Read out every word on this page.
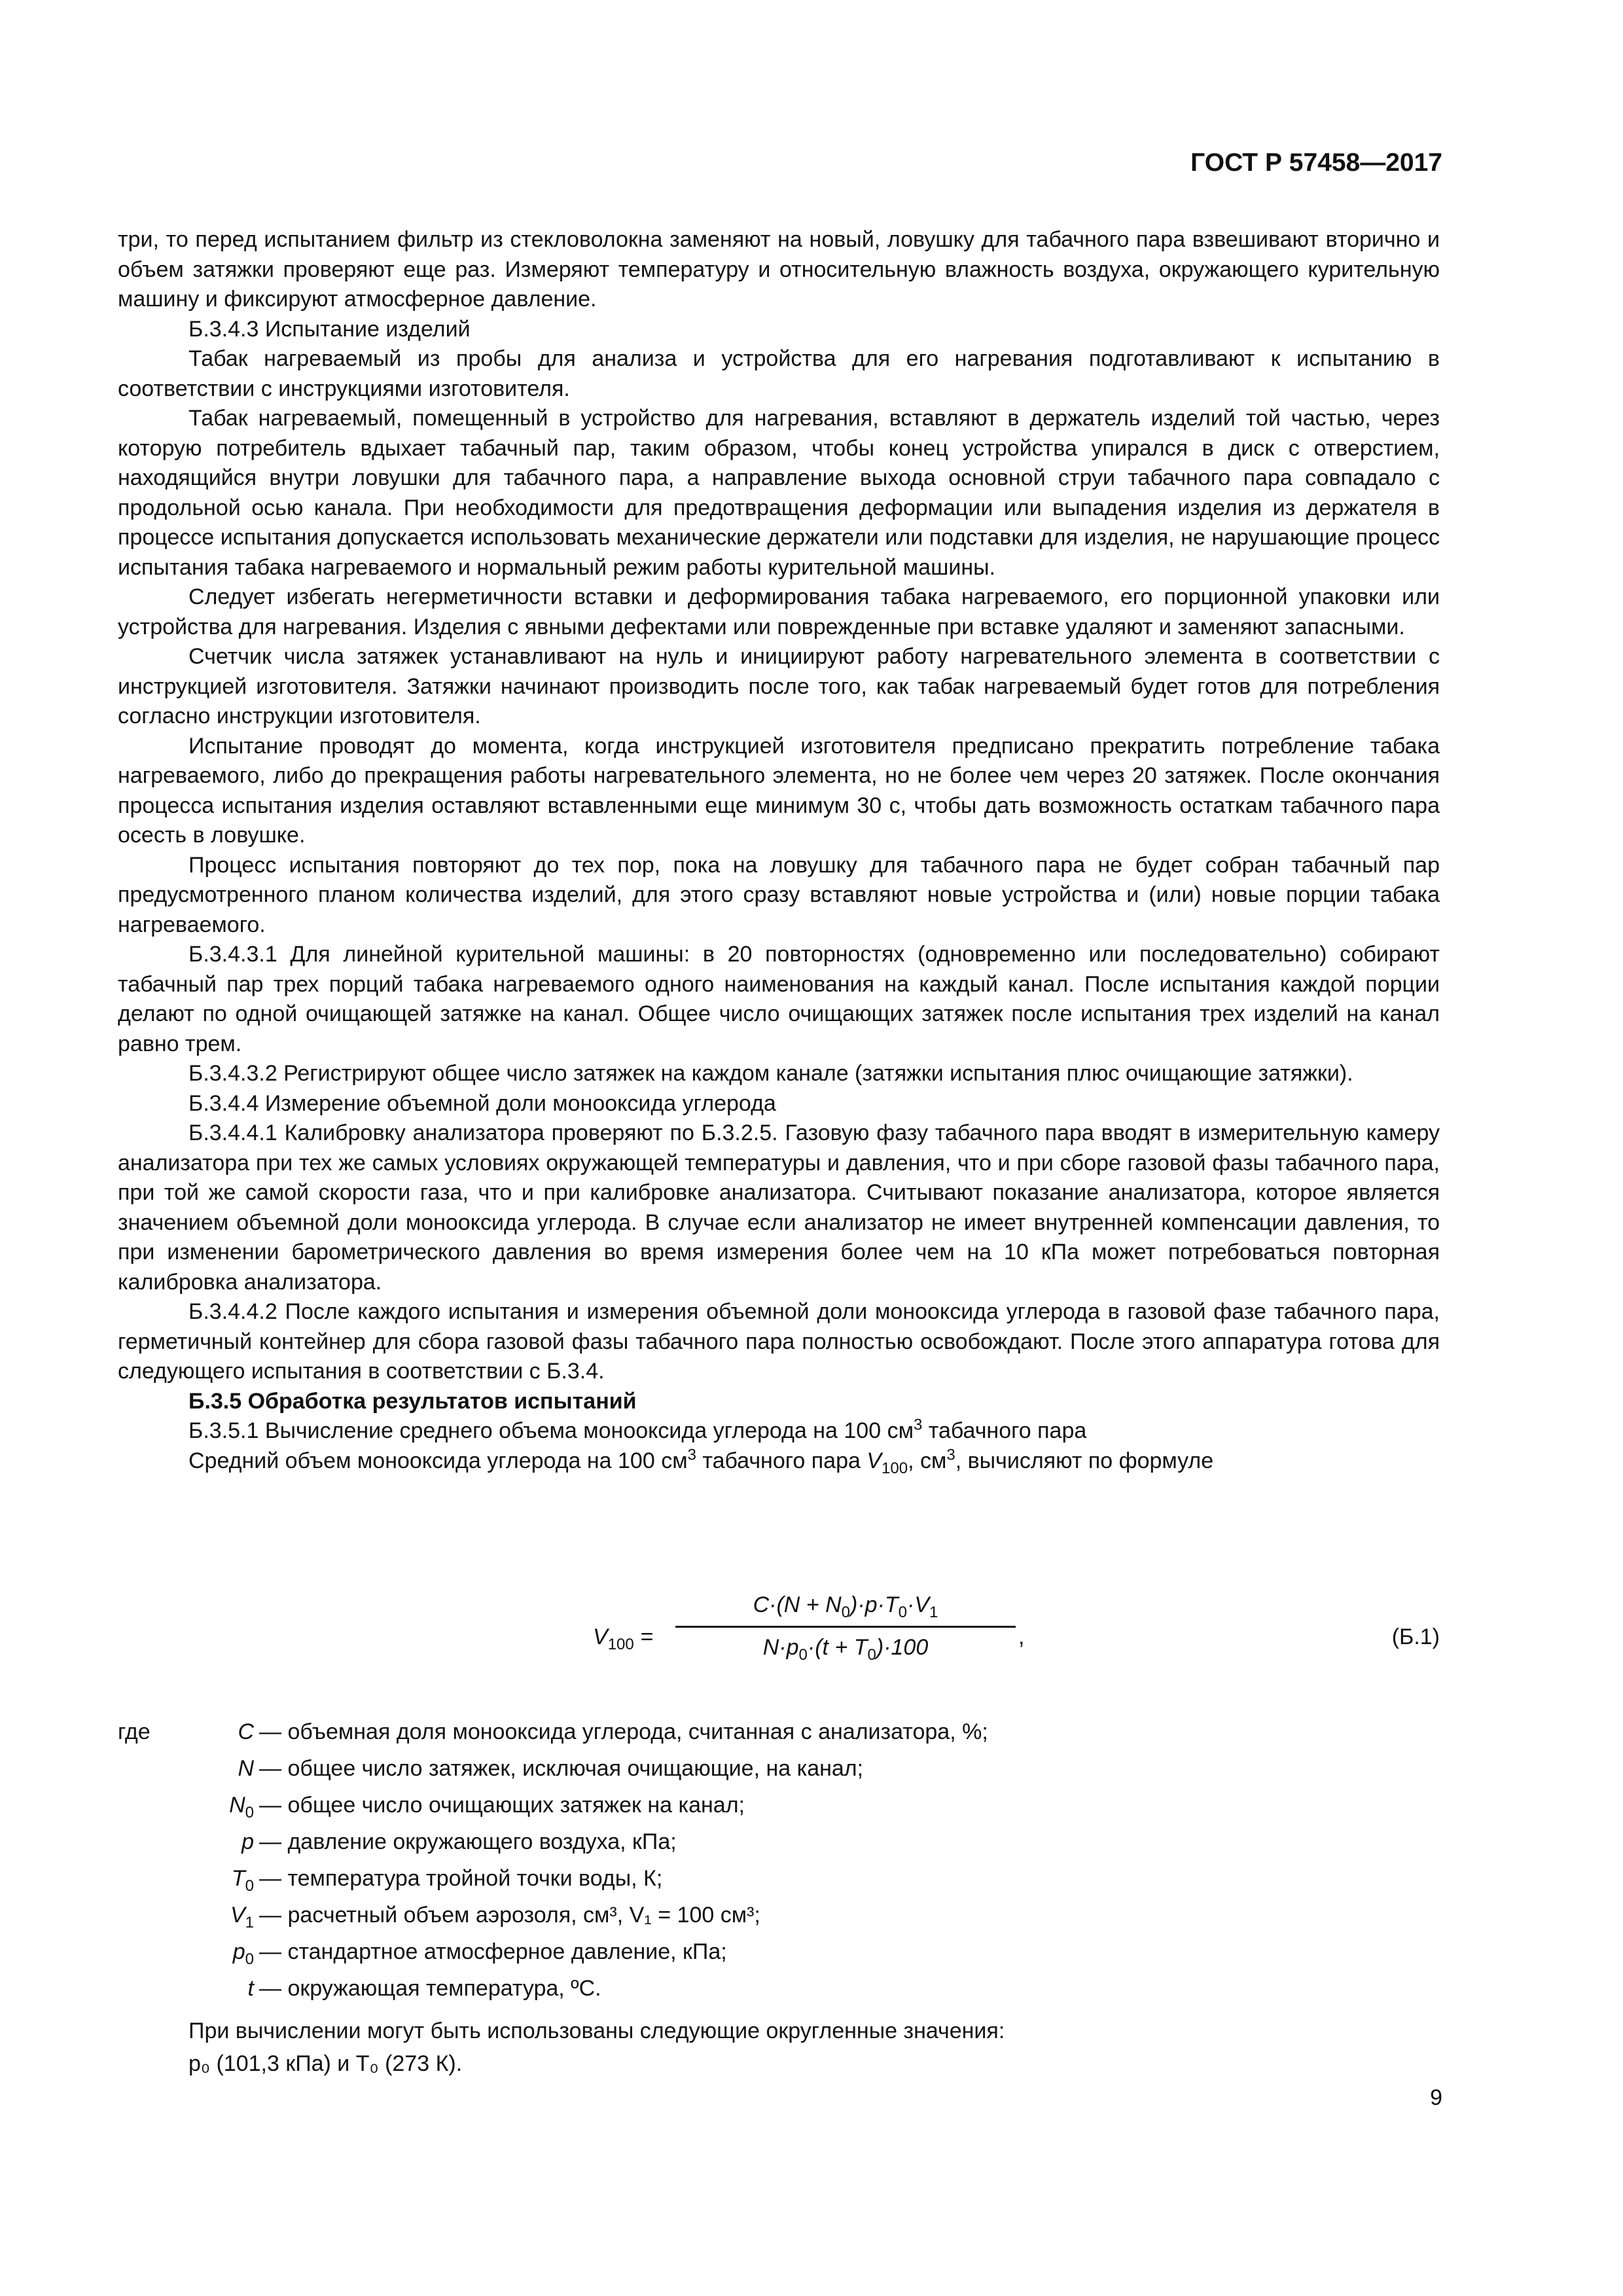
ГОСТ Р 57458—2017

три, то перед испытанием фильтр из стекловолокна заменяют на новый, ловушку для табачного пара взвешивают вторично и объем затяжки проверяют еще раз. Измеряют температуру и относительную влажность воздуха, окружающего курительную машину и фиксируют атмосферное давление.

Б.3.4.3 Испытание изделий

Табак нагреваемый из пробы для анализа и устройства для его нагревания подготавливают к испытанию в соответствии с инструкциями изготовителя.

Табак нагреваемый, помещенный в устройство для нагревания, вставляют в держатель изделий той частью, через которую потребитель вдыхает табачный пар, таким образом, чтобы конец устройства упирался в диск с отверстием, находящийся внутри ловушки для табачного пара, а направление выхода основной струи табачного пара совпадало с продольной осью канала. При необходимости для предотвращения деформации или выпадения изделия из держателя в процессе испытания допускается использовать механические держатели или подставки для изделия, не нарушающие процесс испытания табака нагреваемого и нормальный режим работы курительной машины.

Следует избегать негерметичности вставки и деформирования табака нагреваемого, его порционной упаковки или устройства для нагревания. Изделия с явными дефектами или поврежденные при вставке удаляют и заменяют запасными.

Счетчик числа затяжек устанавливают на нуль и инициируют работу нагревательного элемента в соответствии с инструкцией изготовителя. Затяжки начинают производить после того, как табак нагреваемый будет готов для потребления согласно инструкции изготовителя.

Испытание проводят до момента, когда инструкцией изготовителя предписано прекратить потребление табака нагреваемого, либо до прекращения работы нагревательного элемента, но не более чем через 20 затяжек. После окончания процесса испытания изделия оставляют вставленными еще минимум 30 с, чтобы дать возможность остаткам табачного пара осесть в ловушке.

Процесс испытания повторяют до тех пор, пока на ловушку для табачного пара не будет собран табачный пар предусмотренного планом количества изделий, для этого сразу вставляют новые устройства и (или) новые порции табака нагреваемого.

Б.3.4.3.1 Для линейной курительной машины: в 20 повторностях (одновременно или последовательно) собирают табачный пар трех порций табака нагреваемого одного наименования на каждый канал. После испытания каждой порции делают по одной очищающей затяжке на канал. Общее число очищающих затяжек после испытания трех изделий на канал равно трем.

Б.3.4.3.2 Регистрируют общее число затяжек на каждом канале (затяжки испытания плюс очищающие затяжки).

Б.3.4.4 Измерение объемной доли монооксида углерода

Б.3.4.4.1 Калибровку анализатора проверяют по Б.3.2.5. Газовую фазу табачного пара вводят в измерительную камеру анализатора при тех же самых условиях окружающей температуры и давления, что и при сборе газовой фазы табачного пара, при той же самой скорости газа, что и при калибровке анализатора. Считывают показание анализатора, которое является значением объемной доли монооксида углерода. В случае если анализатор не имеет внутренней компенсации давления, то при изменении барометрического давления во время измерения более чем на 10 кПа может потребоваться повторная калибровка анализатора.

Б.3.4.4.2 После каждого испытания и измерения объемной доли монооксида углерода в газовой фазе табачного пара, герметичный контейнер для сбора газовой фазы табачного пара полностью освобождают. После этого аппаратура готова для следующего испытания в соответствии с Б.3.4.

Б.3.5 Обработка результатов испытаний

Б.3.5.1 Вычисление среднего объема монооксида углерода на 100 $см^3$ табачного пара

Средний объем монооксида углерода на 100 $см^3$ табачного пара $V_{100}$, $см^3$, вычисляют по формуле

$V_{100}$ =
$C\cdot(N + N_0)\cdot p\cdot T_0\cdot V_1$
$N\cdot p_0\cdot(t + T_0)\cdot 100$	,	(Б.1)
где	C — объемная доля монооксида углерода, считанная с анализатора, %;
N — общее число затяжек, исключая очищающие, на канал;
$N_0$ — общее число очищающих затяжек на канал;
p — давление окружающего воздуха, кПа;
$T_0$ — температура тройной точки воды, К;
$V_1$ — расчетный объем аэрозоля, см³, V₁ = 100 см³;
$p_0$ — стандартное атмосферное давление, кПа;
t — окружающая температура, ºC.
При вычислении могут быть использованы следующие округленные значения:
p₀ (101,3 кПа) и T₀ (273 К).
9
